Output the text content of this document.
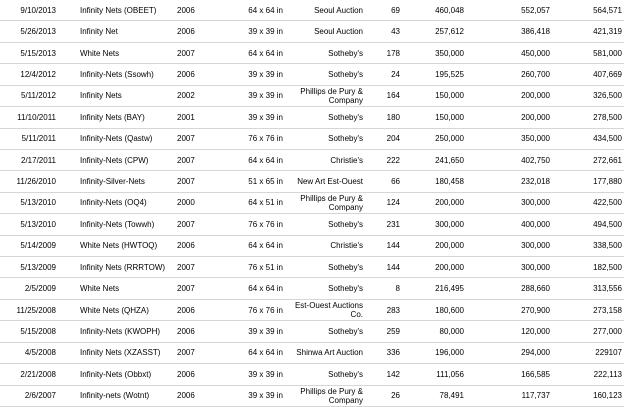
9/10/2013	Infinity Nets (OBEET)	2006	64 x 64 in	Seoul Auction	69	460,048	552,057	564,571
5/26/2013	Infinity Net	2006	39 x 39 in	Seoul Auction	43	257,612	386,418	421,319
5/15/2013	White Nets	2007	64 x 64 in	Sotheby's	178	350,000	450,000	581,000
12/4/2012	Infinity-Nets (Ssowh)	2006	39 x 39 in	Sotheby's	24	195,525	260,700	407,669
5/11/2012	Infinity Nets	2002	39 x 39 in	Phillips de Pury & Company	164	150,000	200,000	326,500
11/10/2011	Infinity Nets (BAY)	2001	39 x 39 in	Sotheby's	180	150,000	200,000	278,500
5/11/2011	Infinity-Nets (Qastw)	2007	76 x 76 in	Sotheby's	204	250,000	350,000	434,500
2/17/2011	Infinity-Nets (CPW)	2007	64 x 64 in	Christie's	222	241,650	402,750	272,661
11/26/2010	Infinity-Silver-Nets	2007	51 x 65 in New Art Est-Ouest	66	180,458	232,018	177,880
5/13/2010	Infinity-Nets (OQ4)	2000	64 x 51 in	Phillips de Pury & Company	124	200,000	300,000	422,500
5/13/2010	Infinity-Nets (Towwh)	2007	76 x 76 in	Sotheby's	231	300,000	400,000	494,500
5/14/2009	White Nets (HWTOQ)	2006	64 x 64 in	Christie's	144	200,000	300,000	338,500
5/13/2009	Infinity Nets (RRRTOW)	2007	76 x 51 in	Sotheby's	144	200,000	300,000	182,500
2/5/2009	White Nets	2007	64 x 64 in	Sotheby's	8	216,495	288,660	313,556
11/25/2008	White Nets (QHZA)	2006	76 x 76 in	Est-Ouest Auctions Co.	283	180,600	270,900	273,158
5/15/2008	Infinity-Nets (KWOPH)	2006	39 x 39 in	Sotheby's	259	80,000	120,000	277,000
4/5/2008	Infinity Nets (XZASST)	2007	64 x 64 in Shinwa Art Auction	336	196,000	294,000	229107
2/21/2008	Infinity-Nets (Obbxt)	2006	39 x 39 in	Sotheby's	142	111,056	166,585	222,113
2/6/2007	Infinity-nets (Wotnt)	2006	39 x 39 in	Phillips de Pury & Company	26	78,491	117,737	160,123
